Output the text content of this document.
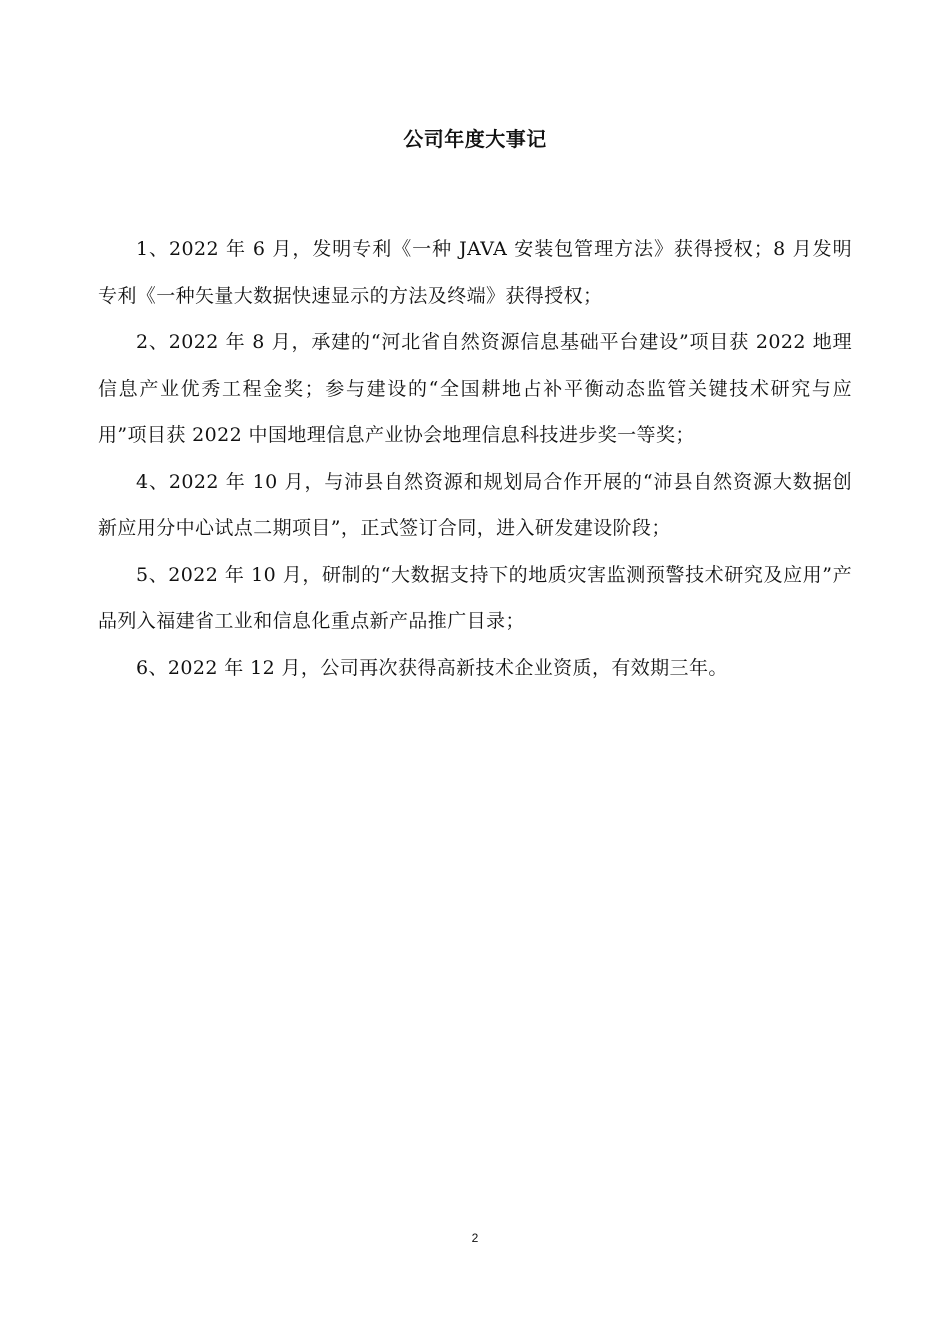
公司年度大事记

1、2022 年 6 月，发明专利《一种 JAVA 安装包管理方法》获得授权；8 月发明专利《一种矢量大数据快速显示的方法及终端》获得授权；

2、2022 年 8 月，承建的“河北省自然资源信息基础平台建设”项目获 2022 地理信息产业优秀工程金奖；参与建设的“全国耕地占补平衡动态监管关键技术研究与应用”项目获 2022 中国地理信息产业协会地理信息科技进步奖一等奖；

4、2022 年 10 月，与沛县自然资源和规划局合作开展的“沛县自然资源大数据创新应用分中心试点二期项目”，正式签订合同，进入研发建设阶段；

5、2022 年 10 月，研制的“大数据支持下的地质灾害监测预警技术研究及应用”产品列入福建省工业和信息化重点新产品推广目录；

6、2022 年 12 月，公司再次获得高新技术企业资质，有效期三年。

2
